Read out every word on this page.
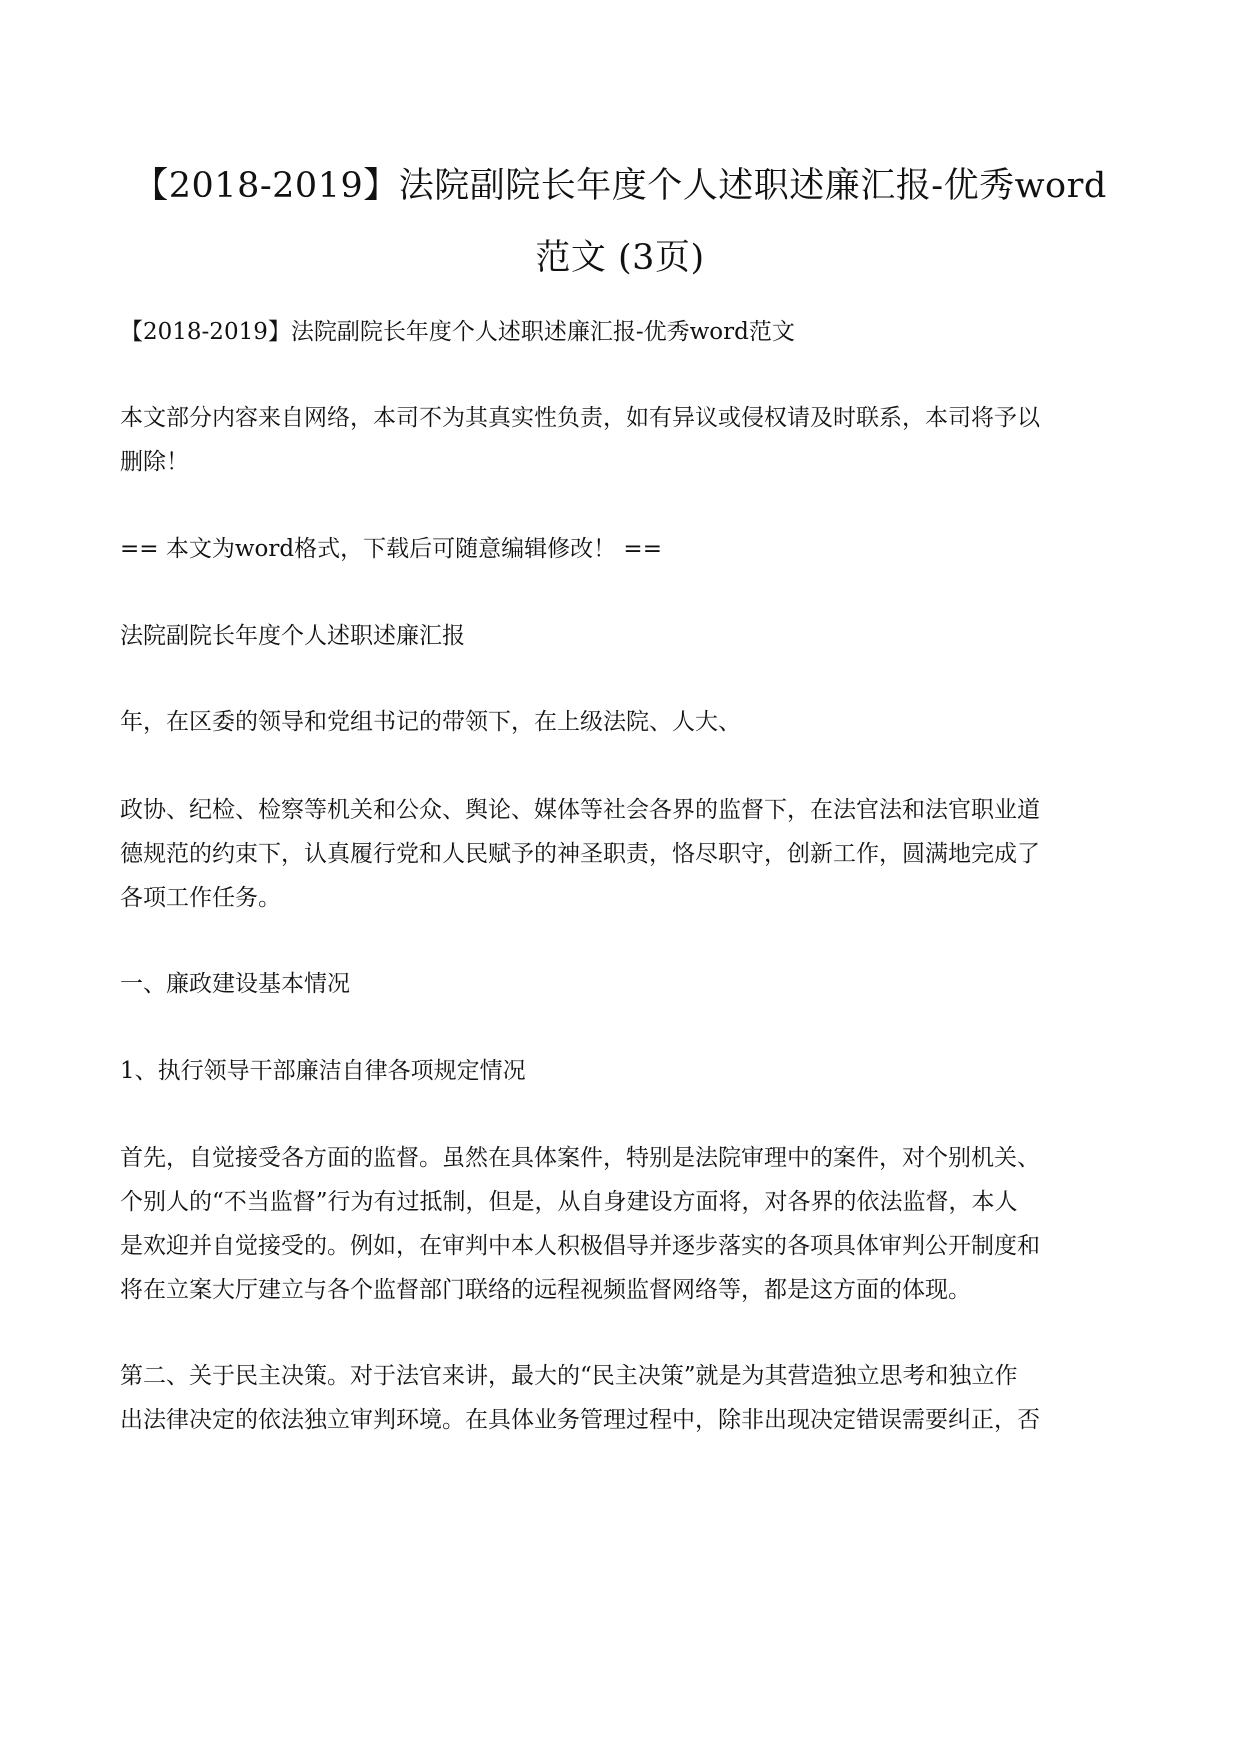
【2018-2019】法院副院长年度个人述职述廉汇报-优秀word
范文 (3页)

【2018-2019】法院副院长年度个人述职述廉汇报-优秀word范文

本文部分内容来自网络，本司不为其真实性负责，如有异议或侵权请及时联系，本司将予以
删除！

== 本文为word格式，下载后可随意编辑修改！ ==

法院副院长年度个人述职述廉汇报

年，在区委的领导和党组书记的带领下，在上级法院、人大、

政协、纪检、检察等机关和公众、舆论、媒体等社会各界的监督下，在法官法和法官职业道
德规范的约束下，认真履行党和人民赋予的神圣职责，恪尽职守，创新工作，圆满地完成了
各项工作任务。

一、廉政建设基本情况

1、执行领导干部廉洁自律各项规定情况

首先，自觉接受各方面的监督。虽然在具体案件，特别是法院审理中的案件，对个别机关、
个别人的“不当监督”行为有过抵制，但是，从自身建设方面将，对各界的依法监督，本人
是欢迎并自觉接受的。例如，在审判中本人积极倡导并逐步落实的各项具体审判公开制度和
将在立案大厅建立与各个监督部门联络的远程视频监督网络等，都是这方面的体现。

第二、关于民主决策。对于法官来讲，最大的“民主决策”就是为其营造独立思考和独立作
出法律决定的依法独立审判环境。在具体业务管理过程中，除非出现决定错误需要纠正，否
